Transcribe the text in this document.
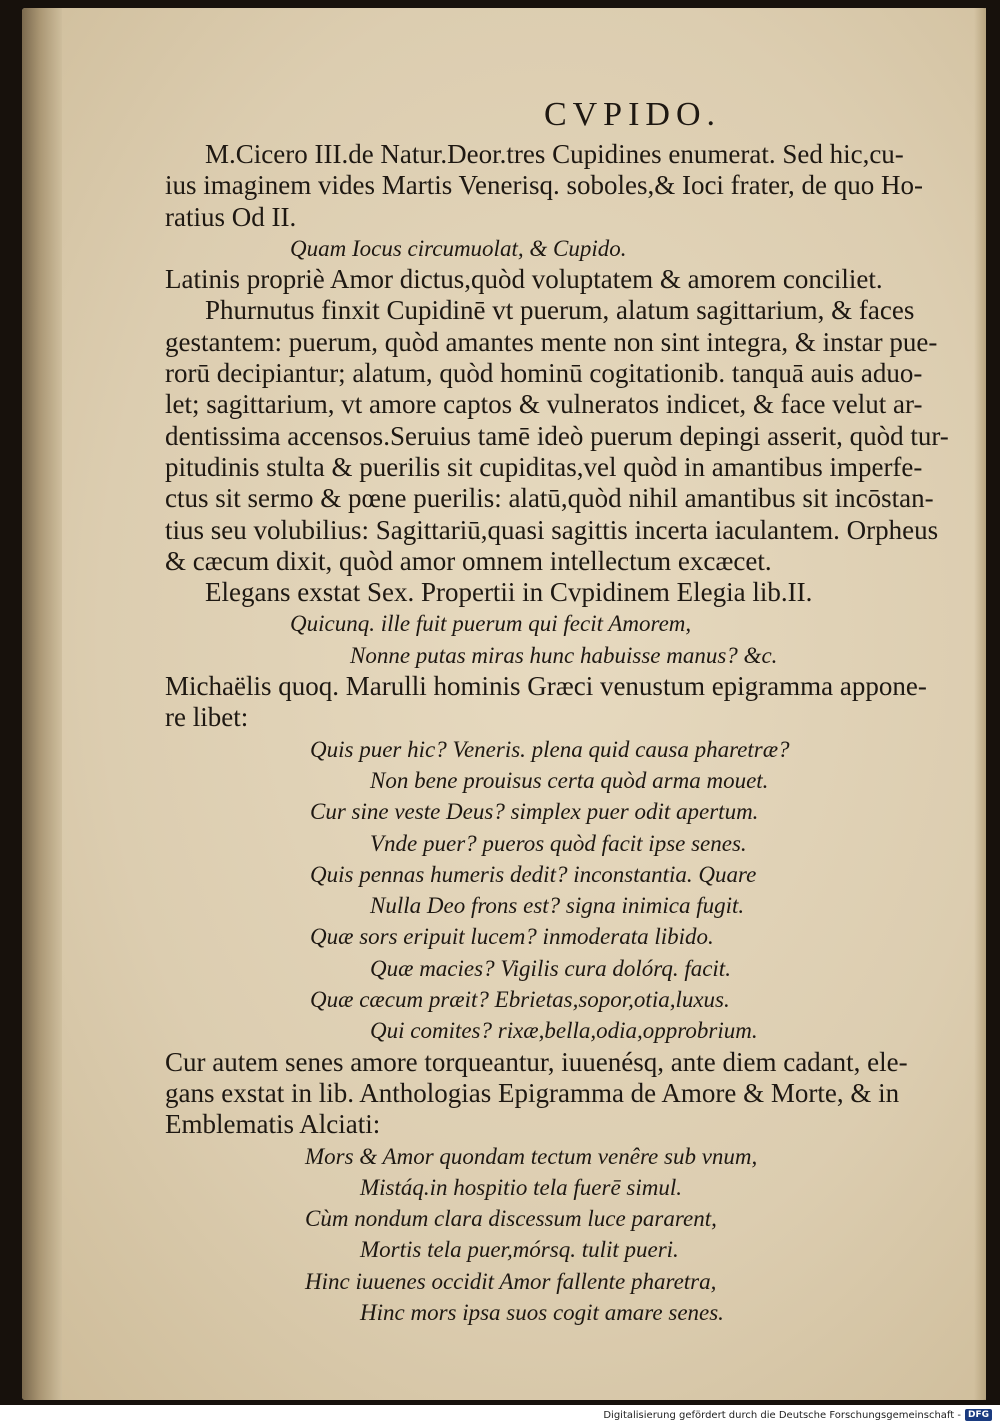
CVPIDO.
M.Cicero III.de Natur.Deor.tres Cupidines enumerat. Sed hic,cu-
ius imaginem vides Martis Venerisq. soboles,& Ioci frater, de quo Ho-
ratius Od II.
Quam Iocus circumuolat, & Cupido.
Latinis propriè Amor dictus,quòd voluptatem & amorem conciliet.
Phurnutus finxit Cupidinē vt puerum, alatum sagittarium, & faces
gestantem: puerum, quòd amantes mente non sint integra, & instar pue-
rorū decipiantur; alatum, quòd hominū cogitationib. tanquā auis aduo-
let; sagittarium, vt amore captos & vulneratos indicet, & face velut ar-
dentissima accensos.Seruius tamē ideò puerum depingi asserit, quòd tur-
pitudinis stulta & puerilis sit cupiditas,vel quòd in amantibus imperfe-
ctus sit sermo & pœne puerilis: alatū,quòd nihil amantibus sit incōstan-
tius seu volubilius: Sagittariū,quasi sagittis incerta iaculantem. Orpheus
& cæcum dixit, quòd amor omnem intellectum excæcet.
Elegans exstat Sex. Propertii in Cvpidinem Elegia lib.II.
Quicunq. ille fuit puerum qui fecit Amorem,
Nonne putas miras hunc habuisse manus? &c.
Michaëlis quoq. Marulli hominis Græci venustum epigramma appone-
re libet:
Quis puer hic? Veneris. plena quid causa pharetræ?
Non bene prouisus certa quòd arma mouet.
Cur sine veste Deus? simplex puer odit apertum.
Vnde puer? pueros quòd facit ipse senes.
Quis pennas humeris dedit? inconstantia. Quare
Nulla Deo frons est? signa inimica fugit.
Quæ sors eripuit lucem? inmoderata libido.
Quæ macies? Vigilis cura dolórq. facit.
Quæ cæcum præit? Ebrietas,sopor,otia,luxus.
Qui comites? rixæ,bella,odia,opprobrium.
Cur autem senes amore torqueantur, iuuenésq, ante diem cadant, ele-
gans exstat in lib. Anthologias Epigramma de Amore & Morte, & in
Emblematis Alciati:
Mors & Amor quondam tectum venêre sub vnum,
Mistáq.in hospitio tela fuerē simul.
Cùm nondum clara discessum luce pararent,
Mortis tela puer,mórsq. tulit pueri.
Hinc iuuenes occidit Amor fallente pharetra,
Hinc mors ipsa suos cogit amare senes.
Digitalisierung gefördert durch die Deutsche Forschungsgemeinschaft - DFG
